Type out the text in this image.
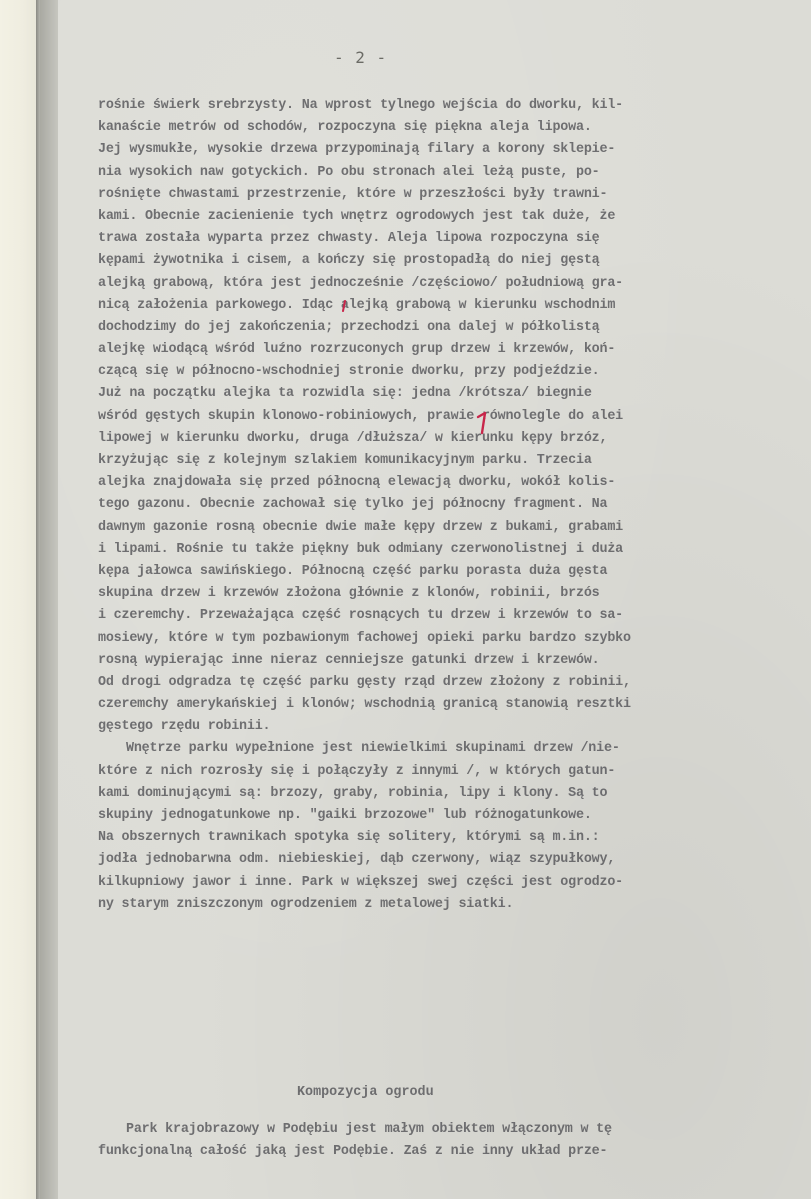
- 2 -
rośnie świerk srebrzysty. Na wprost tylnego wejścia do dworku, kil-
kanaście metrów od schodów, rozpoczyna się piękna aleja lipowa.
Jej wysmukłe, wysokie drzewa przypominają filary a korony sklepie-
nia wysokich naw gotyckich. Po obu stronach alei leżą puste, po-
rośnięte chwastami przestrzenie, które w przeszłości były trawni-
kami. Obecnie zacienienie tych wnętrz ogrodowych jest tak duże, że
trawa została wyparta przez chwasty. Aleja lipowa rozpoczyna się
kępami żywotnika i cisem, a kończy się prostopadłą do niej gęstą
alejką grabową, która jest jednocześnie /częściowo/ południową gra-
nicą założenia parkowego. Idąc alejką grabową w kierunku wschodnim
dochodzimy do jej zakończenia; przechodzi ona dalej w półkolistą
alejkę wiodącą wśród luźno rozrzuconych grup drzew i krzewów, koń-
czącą się w północno-wschodniej stronie dworku, przy podjeździe.
Już na początku alejka ta rozwidla się: jedna /krótsza/ biegnie
wśród gęstych skupin klonowo-robiniowych, prawie równolegle do alei
lipowej w kierunku dworku, druga /dłuższa/ w kierunku kępy brzóz,
krzyżując się z kolejnym szlakiem komunikacyjnym parku. Trzecia
alejka znajdowała się przed północną elewacją dworku, wokół kolis-
tego gazonu. Obecnie zachował się tylko jej północny fragment. Na
dawnym gazonie rosną obecnie dwie małe kępy drzew z bukami, grabami
i lipami. Rośnie tu także piękny buk odmiany czerwonolistnej i duża
kępa jałowca sawińskiego. Północną część parku porasta duża gęsta
skupina drzew i krzewów złożona głównie z klonów, robinii, brzós
i czeremchy. Przeważająca część rosnących tu drzew i krzewów to sa-
mosiewy, które w tym pozbawionym fachowej opieki parku bardzo szybko
rosną wypierając inne nieraz cenniejsze gatunki drzew i krzewów.
Od drogi odgradza tę część parku gęsty rząd drzew złożony z robinii,
czeremchy amerykańskiej i klonów; wschodnią granicą stanowią resztki
gęstego rzędu robinii.
Wnętrze parku wypełnione jest niewielkimi skupinami drzew /nie-
które z nich rozrosły się i połączyły z innymi /, w których gatun-
kami dominującymi są: brzozy, graby, robinia, lipy i klony. Są to
skupiny jednogatunkowe np. "gaiki brzozowe" lub różnogatunkowe.
Na obszernych trawnikach spotyka się solitery, którymi są m.in.:
jodła jednobarwna odm. niebieskiej, dąb czerwony, wiąz szypułkowy,
kilkupniowy jawor i inne. Park w większej swej części jest ogrodzo-
ny starym zniszczonym ogrodzeniem z metalowej siatki.
Kompozycja ogrodu
Park krajobrazowy w Podębiu jest małym obiektem włączonym w tę
funkcjonalną całość jaką jest Podębie. Zaś z nie inny układ prze-
